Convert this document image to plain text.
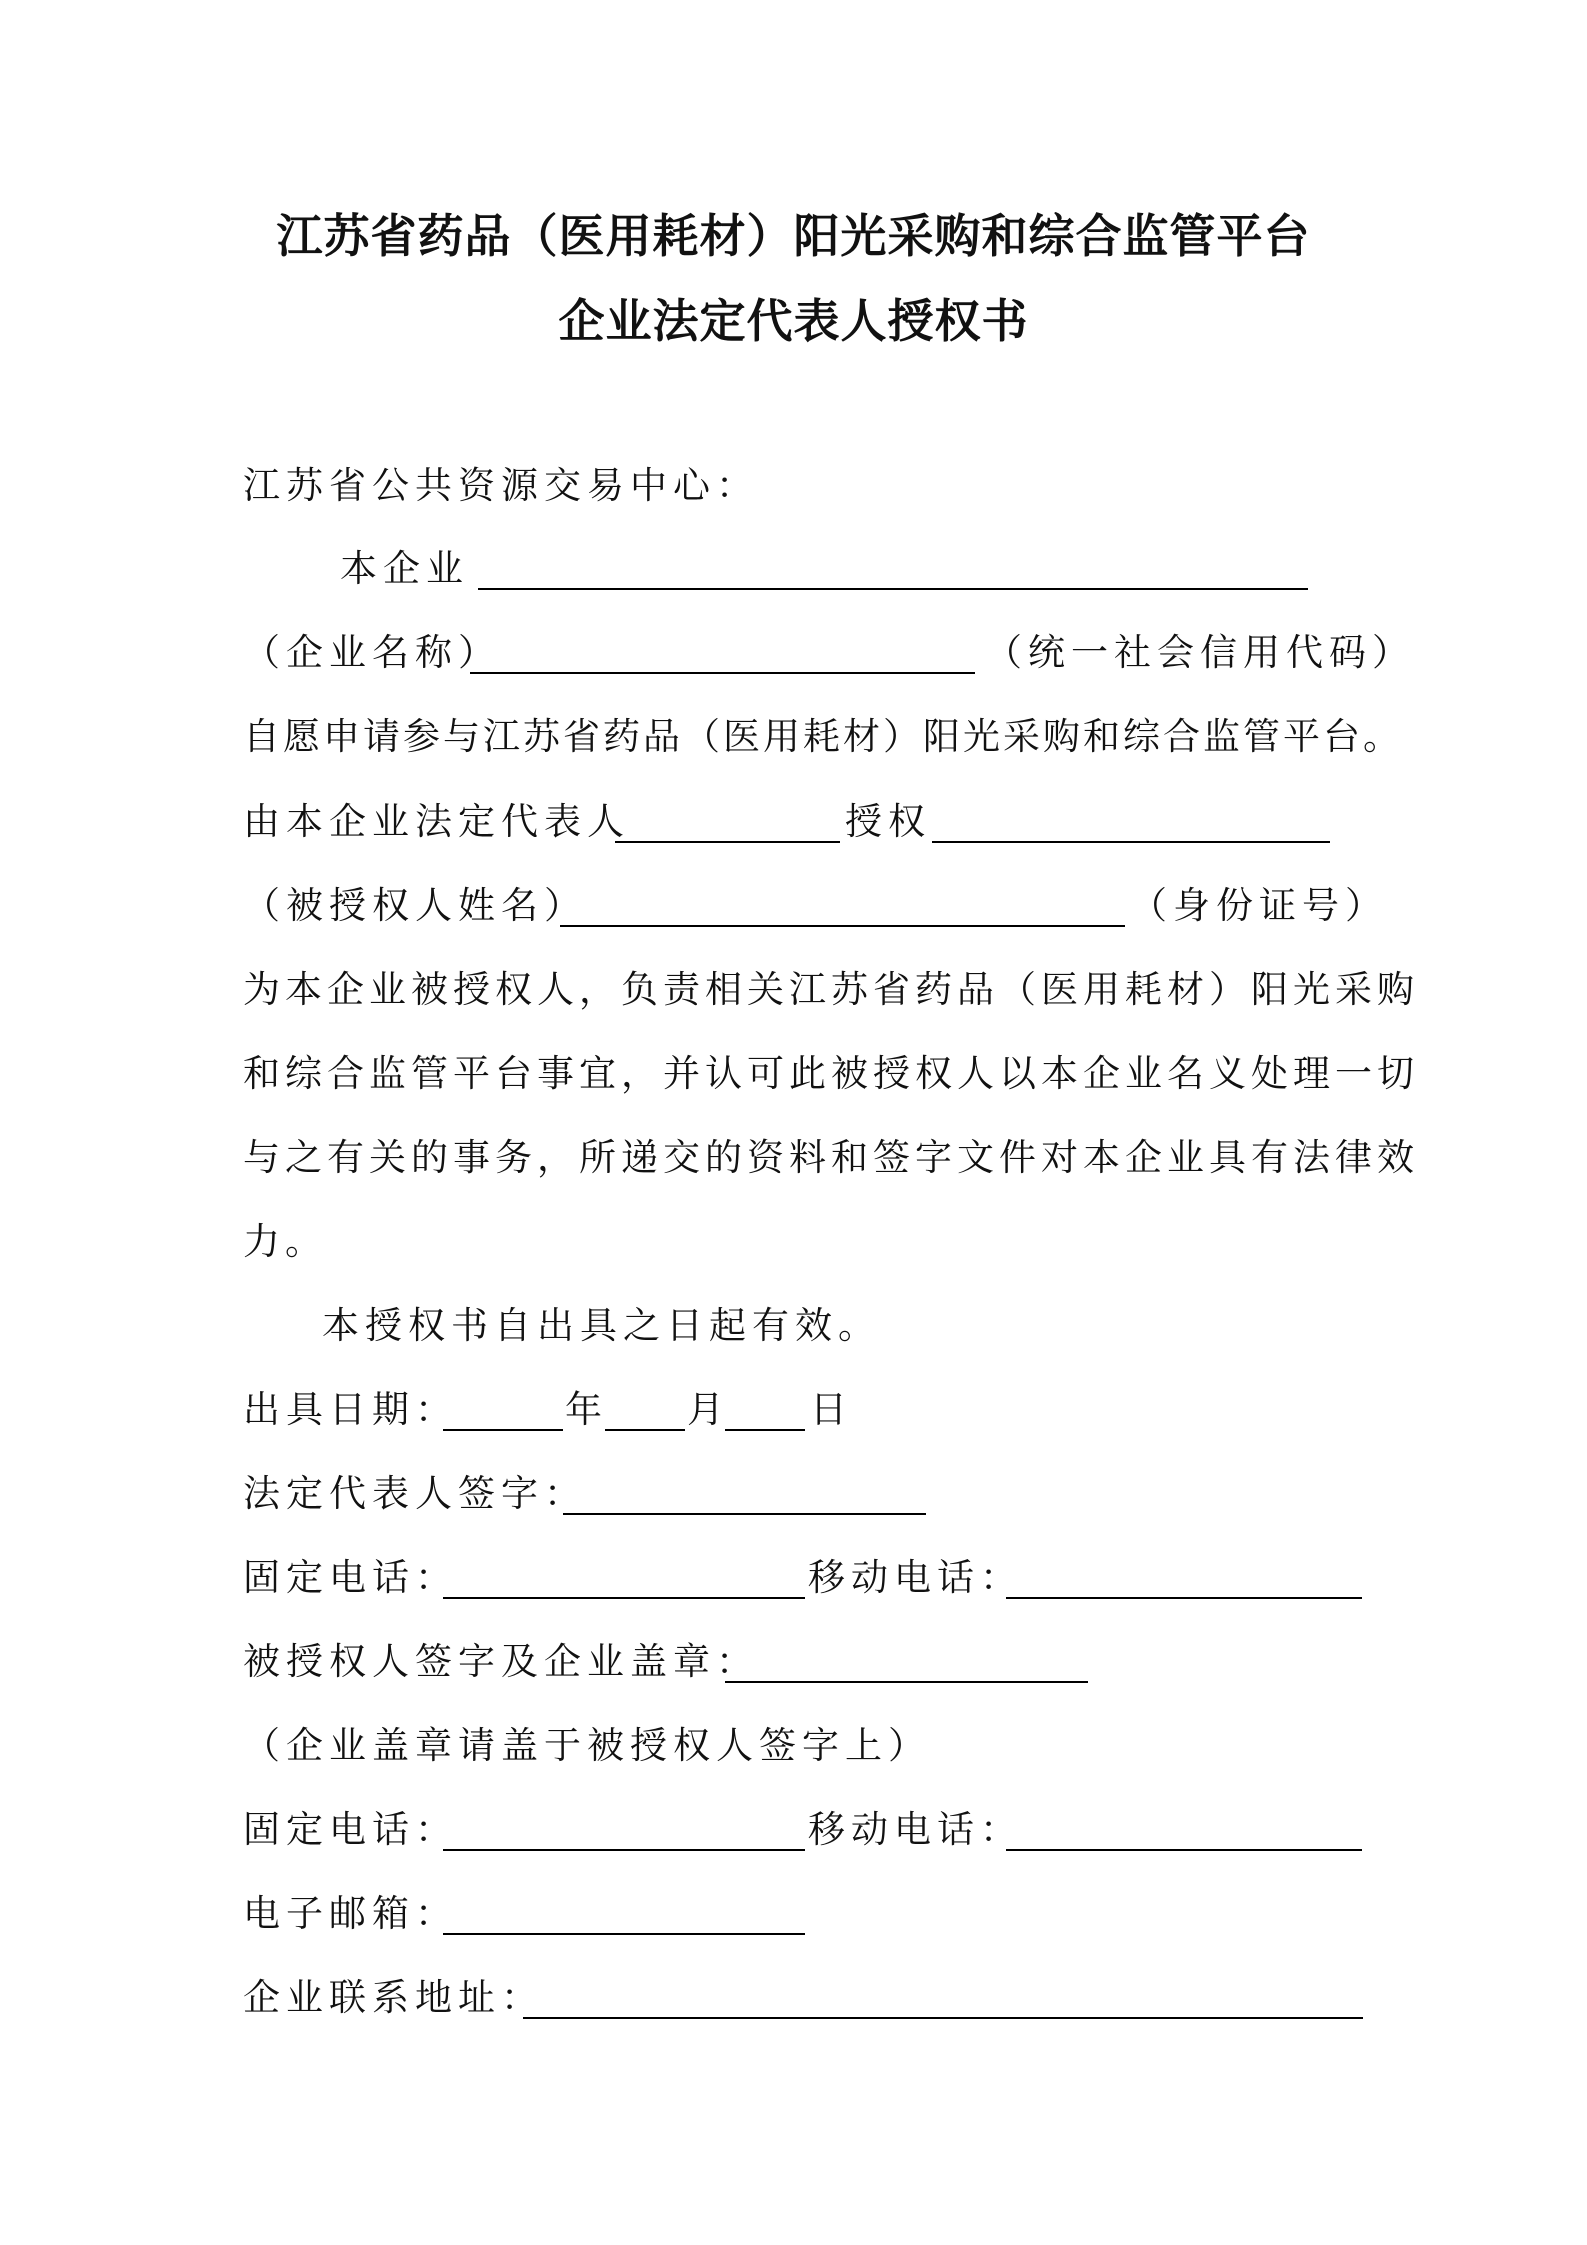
江苏省药品（医用耗材）阳光采购和综合监管平台
企业法定代表人授权书
江苏省公共资源交易中心：
本企业
（企业名称）	（统一社会信用代码）
自愿申请参与江苏省药品（医用耗材）阳光采购和综合监管平台。
由本企业法定代表人	授权
（被授权人姓名）	（身份证号）
为本企业被授权人，负责相关江苏省药品（医用耗材）阳光采购
和综合监管平台事宜，并认可此被授权人以本企业名义处理一切
与之有关的事务，所递交的资料和签字文件对本企业具有法律效
力。
本授权书自出具之日起有效。
出具日期：	年 月 日
法定代表人签字：
固定电话：	移动电话：
被授权人签字及企业盖章：
（企业盖章请盖于被授权人签字上）
固定电话：	移动电话：
电子邮箱：
企业联系地址：
